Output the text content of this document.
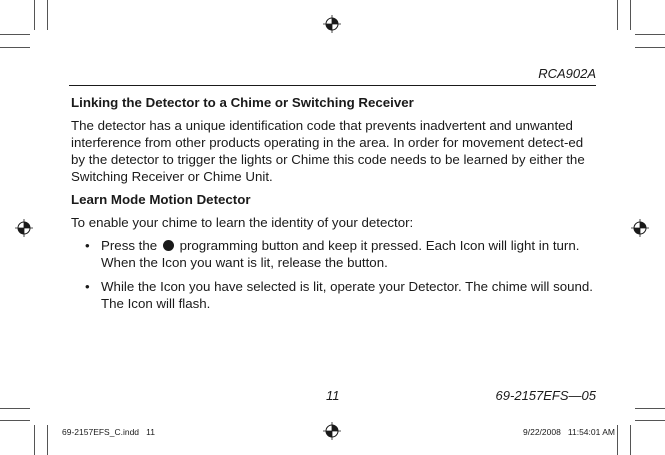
RCA902A

Linking the Detector to a Chime or Switching Receiver

The detector has a unique identification code that prevents inadvertent and unwanted interference from other products operating in the area. In order for movement detect-ed by the detector to trigger the lights or Chime this code needs to be learned by either the Switching Receiver or Chime Unit.

Learn Mode Motion Detector

To enable your chime to learn the identity of your detector:

• Press the programming button and keep it pressed. Each Icon will light in turn. When the Icon you want is lit, release the button.
• While the Icon you have selected is lit, operate your Detector. The chime will sound. The Icon will flash.
11	69-2157EFS—05
69-2157EFS_C.indd   11	9/22/2008   11:54:01 AM
